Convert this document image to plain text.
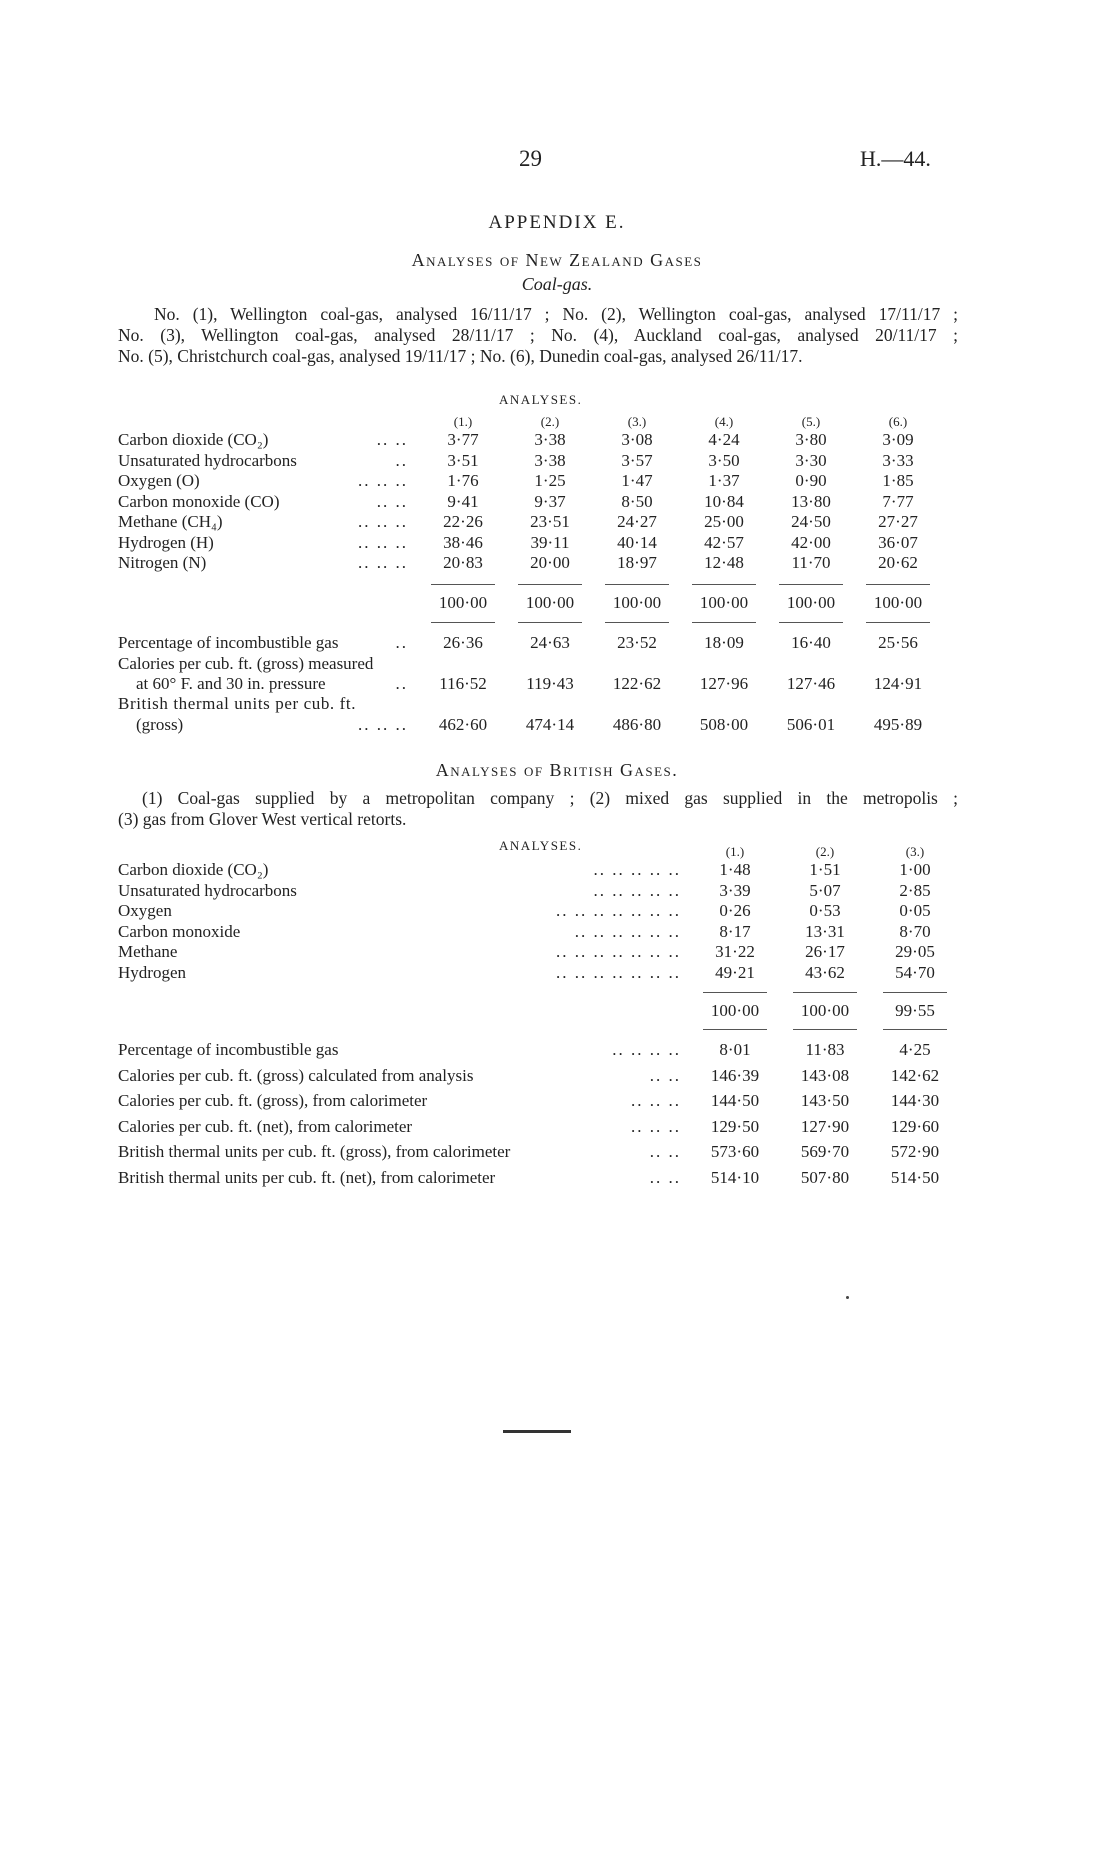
29	H.—44.
APPENDIX E.
Analyses of New Zealand Gases
Coal-gas.
No. (1), Wellington coal-gas, analysed 16/11/17 ; No. (2), Wellington coal-gas, analysed 17/11/17 ;
No. (3), Wellington coal-gas, analysed 28/11/17 ; No. (4), Auckland coal-gas, analysed 20/11/17 ;
No. (5), Christchurch coal-gas, analysed 19/11/17 ; No. (6), Dunedin coal-gas, analysed 26/11/17.
ANALYSES.
(1.)	(2.)	(3.)	(4.)	(5.)	(6.)
Carbon dioxide (CO₂)	.. ..	3·77	3·38	3·08	4·24	3·80	3·09
Unsaturated hydrocarbons	..	3·51	3·38	3·57	3·50	3·30	3·33
Oxygen (O)	.. .. ..	1·76	1·25	1·47	1·37	0·90	1·85
Carbon monoxide (CO)	.. ..	9·41	9·37	8·50	10·84	13·80	7·77
Methane (CH₄)	.. .. ..	22·26	23·51	24·27	25·00	24·50	27·27
Hydrogen (H)	.. .. ..	38·46	39·11	40·14	42·57	42·00	36·07
Nitrogen (N)	.. .. ..	20·83	20·00	18·97	12·48	11·70	20·62
100·00	100·00	100·00	100·00	100·00	100·00
Percentage of incombustible gas	..	26·36	24·63	23·52	18·09	16·40	25·56
Calories per cub. ft. (gross) measured
at 60° F. and 30 in. pressure	..	116·52	119·43	122·62	127·96	127·46	124·91
British thermal units per cub. ft.
(gross)	.. .. ..	462·60	474·14	486·80	508·00	506·01	495·89
Analyses of British Gases.
(1) Coal-gas supplied by a metropolitan company ; (2) mixed gas supplied in the metropolis ;
(3) gas from Glover West vertical retorts.
ANALYSES.	(1.)	(2.)	(3.)
Carbon dioxide (CO₂)	.. .. .. .. ..	1·48	1·51	1·00
Unsaturated hydrocarbons	.. .. .. .. ..	3·39	5·07	2·85
Oxygen	.. .. .. .. .. .. ..	0·26	0·53	0·05
Carbon monoxide	.. .. .. .. .. ..	8·17	13·31	8·70
Methane	.. .. .. .. .. .. ..	31·22	26·17	29·05
Hydrogen	.. .. .. .. .. .. ..	49·21	43·62	54·70
100·00	100·00	99·55
Percentage of incombustible gas	.. .. .. ..	8·01	11·83	4·25
Calories per cub. ft. (gross) calculated from analysis	.. ..	146·39	143·08	142·62
Calories per cub. ft. (gross), from calorimeter	.. .. ..	144·50	143·50	144·30
Calories per cub. ft. (net), from calorimeter	.. .. ..	129·50	127·90	129·60
British thermal units per cub. ft. (gross), from calorimeter	.. ..	573·60	569·70	572·90
British thermal units per cub. ft. (net), from calorimeter	.. ..	514·10	507·80	514·50
